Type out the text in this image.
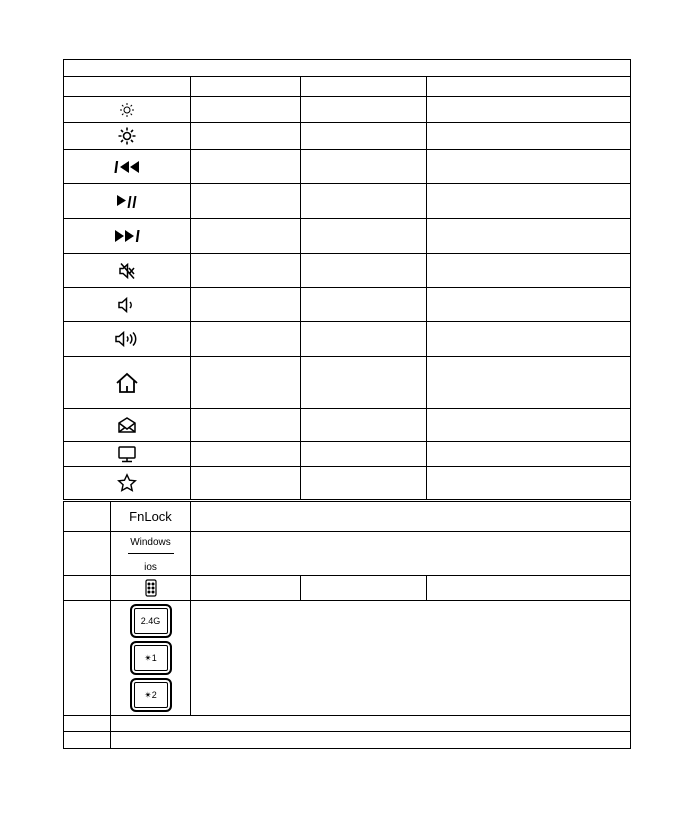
	FnLock			
	Windows
ios			

	2.4G
✴1
✴2			
